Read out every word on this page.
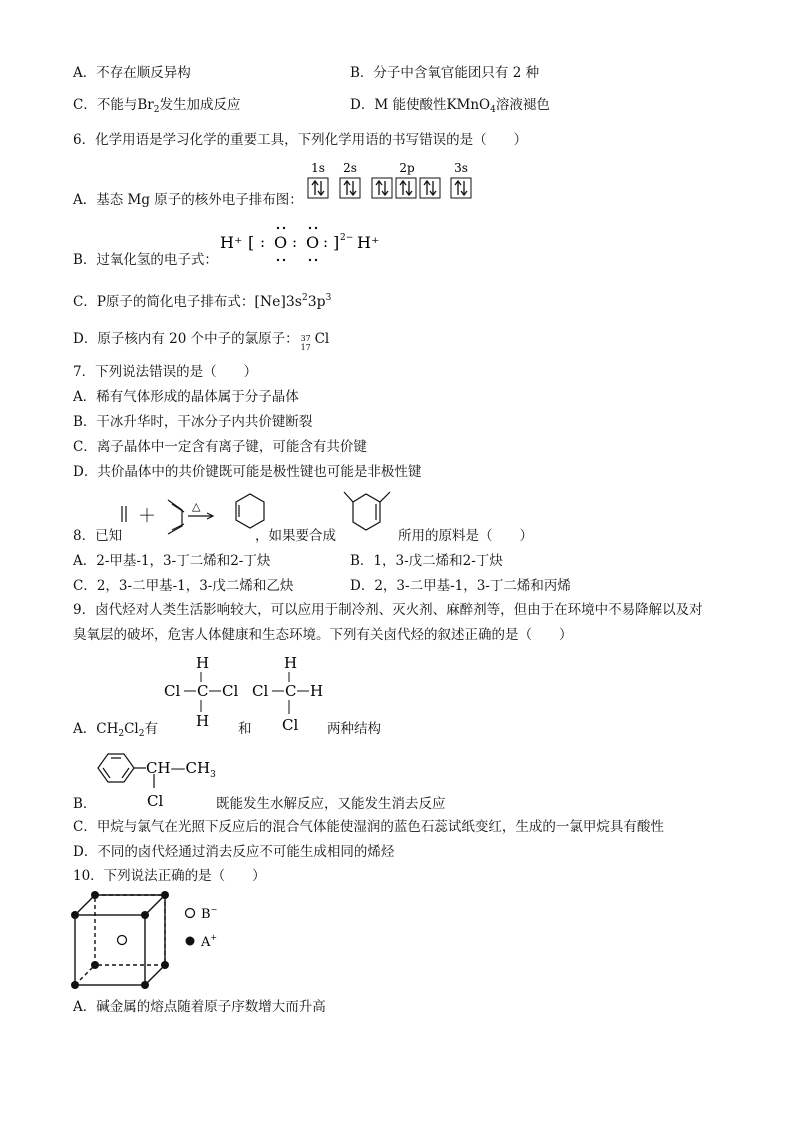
A．不存在顺反异构	B．分子中含氧官能团只有 2 种
C．不能与$Br_2$发生加成反应	D．M 能使酸性KMnO$_4$溶液褪色
6．化学用语是学习化学的重要工具，下列化学用语的书写错误的是（　　）
A．基态 Mg 原子的核外电子排布图：
1s 2s	2p	3s
B．过氧化氢的电子式：
H⁺ [ : O : O : ] 2− H⁺
C．P原子的简化电子排布式：$[Ne]3s^23p^3$
D．原子核内有 20 个中子的氯原子： 37
17 Cl
7．下列说法错误的是（　　）
A．稀有气体形成的晶体属于分子晶体
B．干冰升华时，干冰分子内共价键断裂
C．离子晶体中一定含有离子键，可能含有共价键
D．共价晶体中的共价键既可能是极性键也可能是非极性键
8．已知
＋	△
，如果要合成	所用的原料是（　　）
A．2-甲基-1，3-丁二烯和2-丁炔	B．1，3-戊二烯和2-丁炔
C．2，3-二甲基-1，3-戊二烯和乙炔	D．2，3-二甲基-1，3-丁二烯和丙烯
9．卤代烃对人类生活影响较大，可以应用于制冷剂、灭火剂、麻醉剂等，但由于在环境中不易降解以及对
臭氧层的破坏，危害人体健康和生态环境。下列有关卤代烃的叙述正确的是（　　）
H
Cl C Cl
H
H
Cl C H
Cl
A．$CH_2Cl_2$有	和	两种结构
$CH—CH_3$
Cl
B．	既能发生水解反应，又能发生消去反应
C．甲烷与氯气在光照下反应后的混合气体能使湿润的蓝色石蕊试纸变红，生成的一氯甲烷具有酸性
D．不同的卤代烃通过消去反应不可能生成相同的烯烃
10．下列说法正确的是（　　）
B−
A+
A．碱金属的熔点随着原子序数增大而升高
